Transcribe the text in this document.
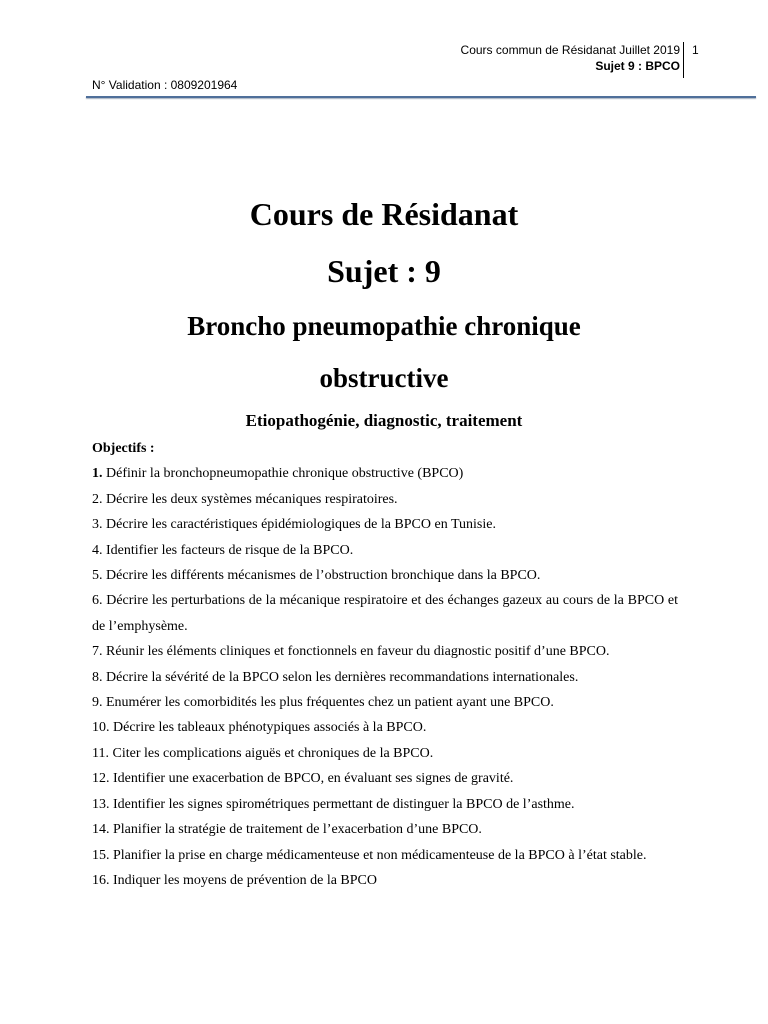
Cours commun de Résidanat Juillet 2019
Sujet 9 : BPCO
1
N° Validation : 0809201964
Cours de Résidanat
Sujet : 9
Broncho pneumopathie chronique
obstructive
Etiopathogénie, diagnostic, traitement
Objectifs :
1. Définir la bronchopneumopathie chronique obstructive (BPCO)
2. Décrire les deux systèmes mécaniques respiratoires.
3. Décrire les caractéristiques épidémiologiques de la BPCO en Tunisie.
4. Identifier les facteurs de risque de la BPCO.
5. Décrire les différents mécanismes de l’obstruction bronchique dans la BPCO.
6. Décrire les perturbations de la mécanique respiratoire et des échanges gazeux au cours de la BPCO et de l’emphysème.
7. Réunir les éléments cliniques et fonctionnels en faveur du diagnostic positif d’une BPCO.
8. Décrire la sévérité de la BPCO selon les dernières recommandations internationales.
9. Enumérer les comorbidités les plus fréquentes chez un patient ayant une BPCO.
10. Décrire les tableaux phénotypiques associés à la BPCO.
11. Citer les complications aiguës et chroniques de la BPCO.
12. Identifier une exacerbation de BPCO, en évaluant ses signes de gravité.
13. Identifier les signes spirométriques permettant de distinguer la BPCO de l’asthme.
14. Planifier la stratégie de traitement de l’exacerbation d’une BPCO.
15. Planifier la prise en charge médicamenteuse et non médicamenteuse de la BPCO à l’état stable.
16. Indiquer les moyens de prévention de la BPCO
